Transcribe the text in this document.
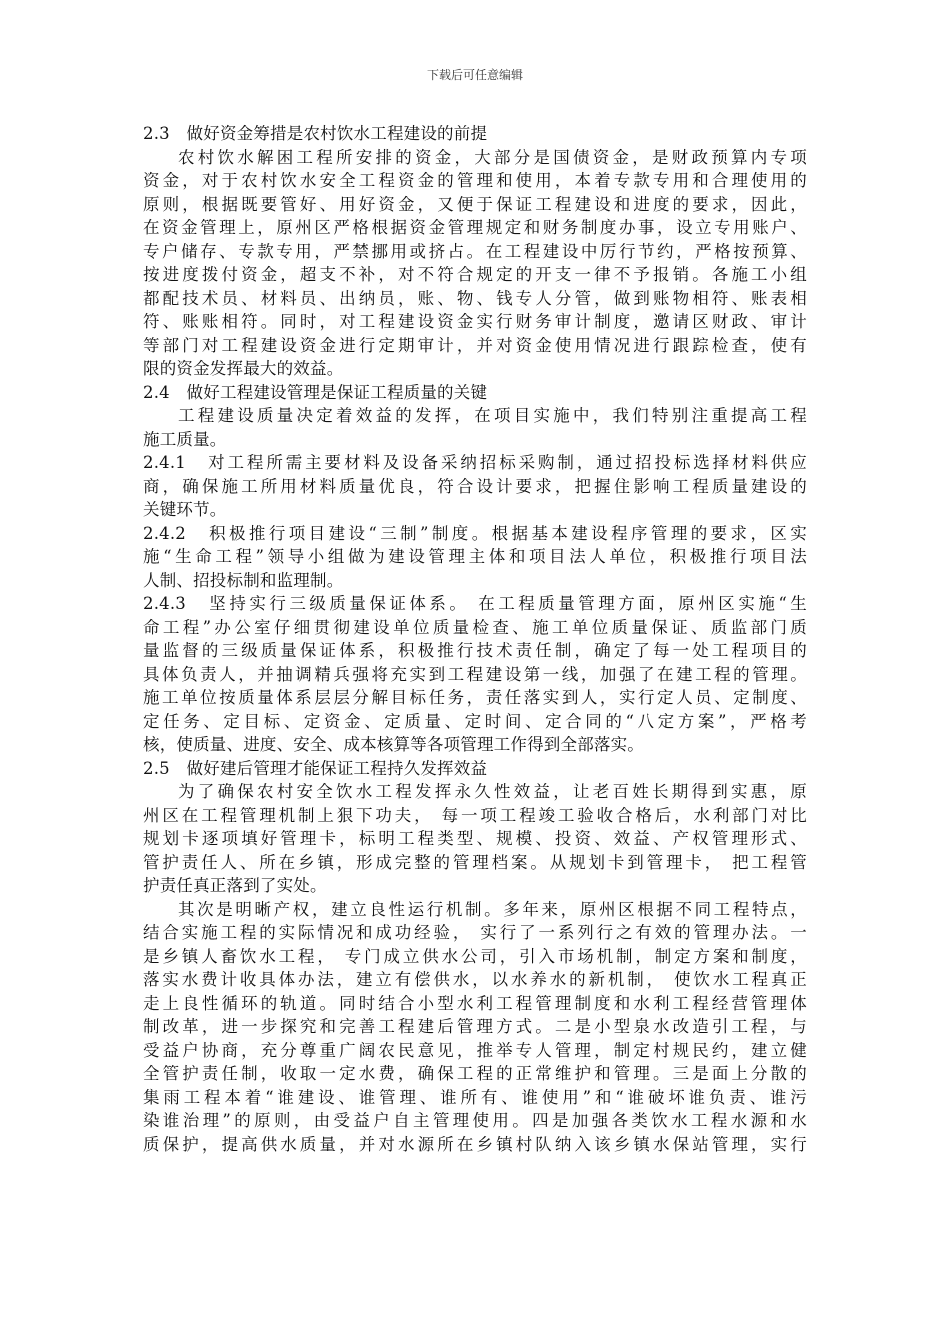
下载后可任意编辑
2.3　做好资金筹措是农村饮水工程建设的前提
农村饮水解困工程所安排的资金，大部分是国债资金，是财政预算内专项
资金，对于农村饮水安全工程资金的管理和使用，本着专款专用和合理使用的
原则，根据既要管好、用好资金，又便于保证工程建设和进度的要求，因此，
在资金管理上，原州区严格根据资金管理规定和财务制度办事，设立专用账户、
专户储存、专款专用，严禁挪用或挤占。在工程建设中厉行节约，严格按预算、
按进度拨付资金，超支不补，对不符合规定的开支一律不予报销。各施工小组
都配技术员、材料员、出纳员，账、物、钱专人分管，做到账物相符、账表相
符、账账相符。同时，对工程建设资金实行财务审计制度，邀请区财政、审计
等部门对工程建设资金进行定期审计，并对资金使用情况进行跟踪检查，使有
限的资金发挥最大的效益。
2.4　做好工程建设管理是保证工程质量的关键
工程建设质量决定着效益的发挥，在项目实施中，我们特别注重提高工程
施工质量。
2.4.1　对工程所需主要材料及设备采纳招标采购制，通过招投标选择材料供应
商，确保施工所用材料质量优良，符合设计要求，把握住影响工程质量建设的
关键环节。
2.4.2　积极推行项目建设“三制”制度。根据基本建设程序管理的要求，区实
施“生命工程”领导小组做为建设管理主体和项目法人单位，积极推行项目法
人制、招投标制和监理制。
2.4.3　坚持实行三级质量保证体系。 在工程质量管理方面，原州区实施“生
命工程”办公室仔细贯彻建设单位质量检查、施工单位质量保证、质监部门质
量监督的三级质量保证体系，积极推行技术责任制，确定了每一处工程项目的
具体负责人，并抽调精兵强将充实到工程建设第一线，加强了在建工程的管理。
施工单位按质量体系层层分解目标任务，责任落实到人，实行定人员、定制度、
定任务、定目标、定资金、定质量、定时间、定合同的“八定方案”，严格考
核，使质量、进度、安全、成本核算等各项管理工作得到全部落实。
2.5　做好建后管理才能保证工程持久发挥效益
为了确保农村安全饮水工程发挥永久性效益，让老百姓长期得到实惠，原
州区在工程管理机制上狠下功夫， 每一项工程竣工验收合格后，水利部门对比
规划卡逐项填好管理卡，标明工程类型、规模、投资、效益、产权管理形式、
管护责任人、所在乡镇，形成完整的管理档案。从规划卡到管理卡， 把工程管
护责任真正落到了实处。
其次是明晰产权，建立良性运行机制。多年来，原州区根据不同工程特点，
结合实施工程的实际情况和成功经验， 实行了一系列行之有效的管理办法。一
是乡镇人畜饮水工程， 专门成立供水公司，引入市场机制，制定方案和制度，
落实水费计收具体办法，建立有偿供水，以水养水的新机制， 使饮水工程真正
走上良性循环的轨道。同时结合小型水利工程管理制度和水利工程经营管理体
制改革，进一步探究和完善工程建后管理方式。二是小型泉水改造引工程，与
受益户协商，充分尊重广阔农民意见，推举专人管理，制定村规民约，建立健
全管护责任制，收取一定水费，确保工程的正常维护和管理。三是面上分散的
集雨工程本着“谁建设、谁管理、谁所有、谁使用”和“谁破坏谁负责、谁污
染谁治理”的原则，由受益户自主管理使用。四是加强各类饮水工程水源和水
质保护，提高供水质量，并对水源所在乡镇村队纳入该乡镇水保站管理，实行
